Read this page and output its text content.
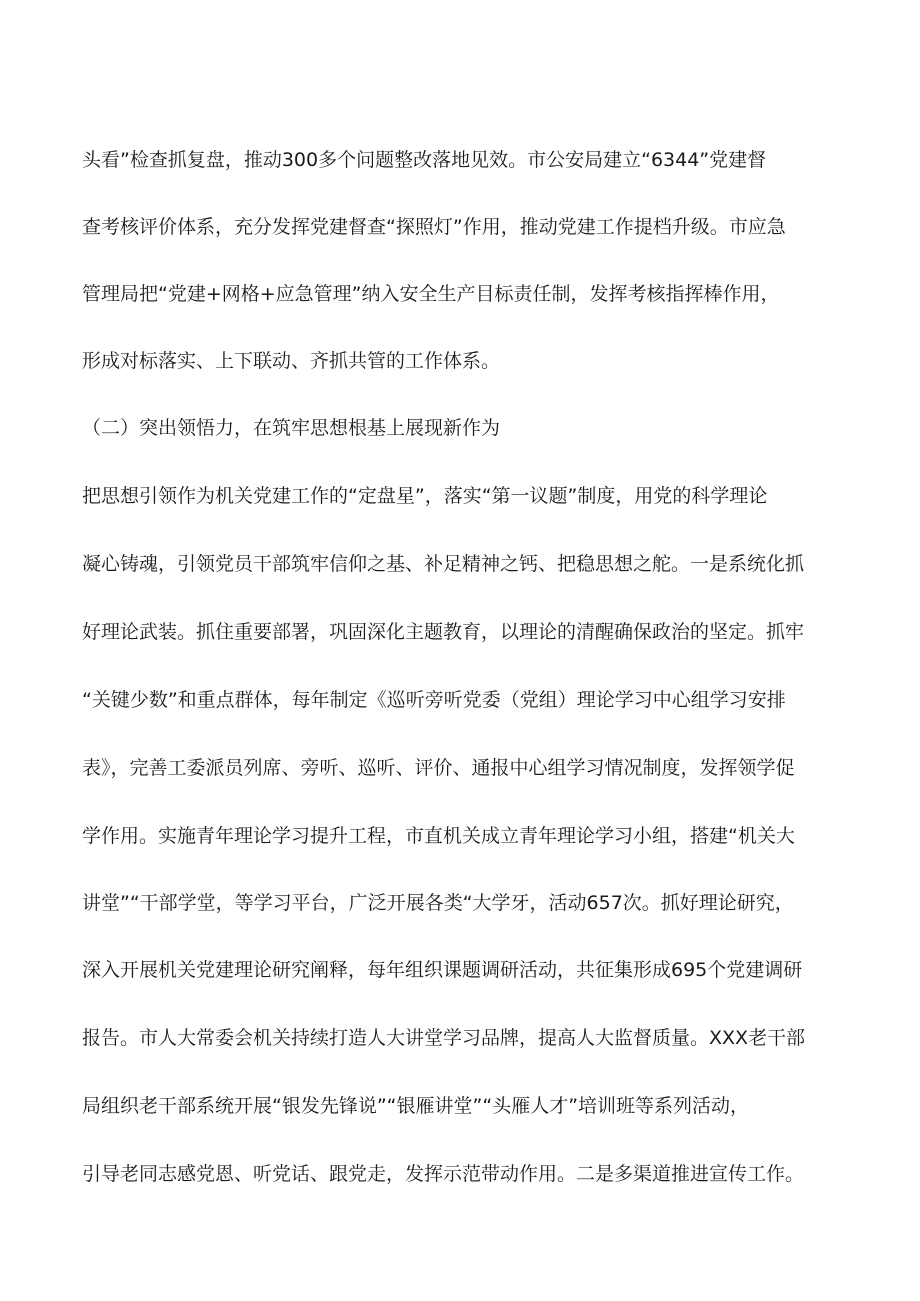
头看”检查抓复盘，推动300多个问题整改落地见效。市公安局建立“6344”党建督
查考核评价体系，充分发挥党建督查“探照灯”作用，推动党建工作提档升级。市应急
管理局把“党建+网格+应急管理”纳入安全生产目标责任制，发挥考核指挥棒作用，
形成对标落实、上下联动、齐抓共管的工作体系。
（二）突出领悟力，在筑牢思想根基上展现新作为
把思想引领作为机关党建工作的“定盘星”，落实“第一议题”制度，用党的科学理论
凝心铸魂，引领党员干部筑牢信仰之基、补足精神之钙、把稳思想之舵。一是系统化抓
好理论武装。抓住重要部署，巩固深化主题教育，以理论的清醒确保政治的坚定。抓牢
“关键少数”和重点群体，每年制定《巡听旁听党委（党组）理论学习中心组学习安排
表》，完善工委派员列席、旁听、巡听、评价、通报中心组学习情况制度，发挥领学促
学作用。实施青年理论学习提升工程，市直机关成立青年理论学习小组，搭建“机关大
讲堂”“干部学堂，等学习平台，广泛开展各类“大学牙，活动657次。抓好理论研究，
深入开展机关党建理论研究阐释，每年组织课题调研活动，共征集形成695个党建调研
报告。市人大常委会机关持续打造人大讲堂学习品牌，提高人大监督质量。XXX老干部
局组织老干部系统开展“银发先锋说”“银雁讲堂”“头雁人才”培训班等系列活动，
引导老同志感党恩、听党话、跟党走，发挥示范带动作用。二是多渠道推进宣传工作。
